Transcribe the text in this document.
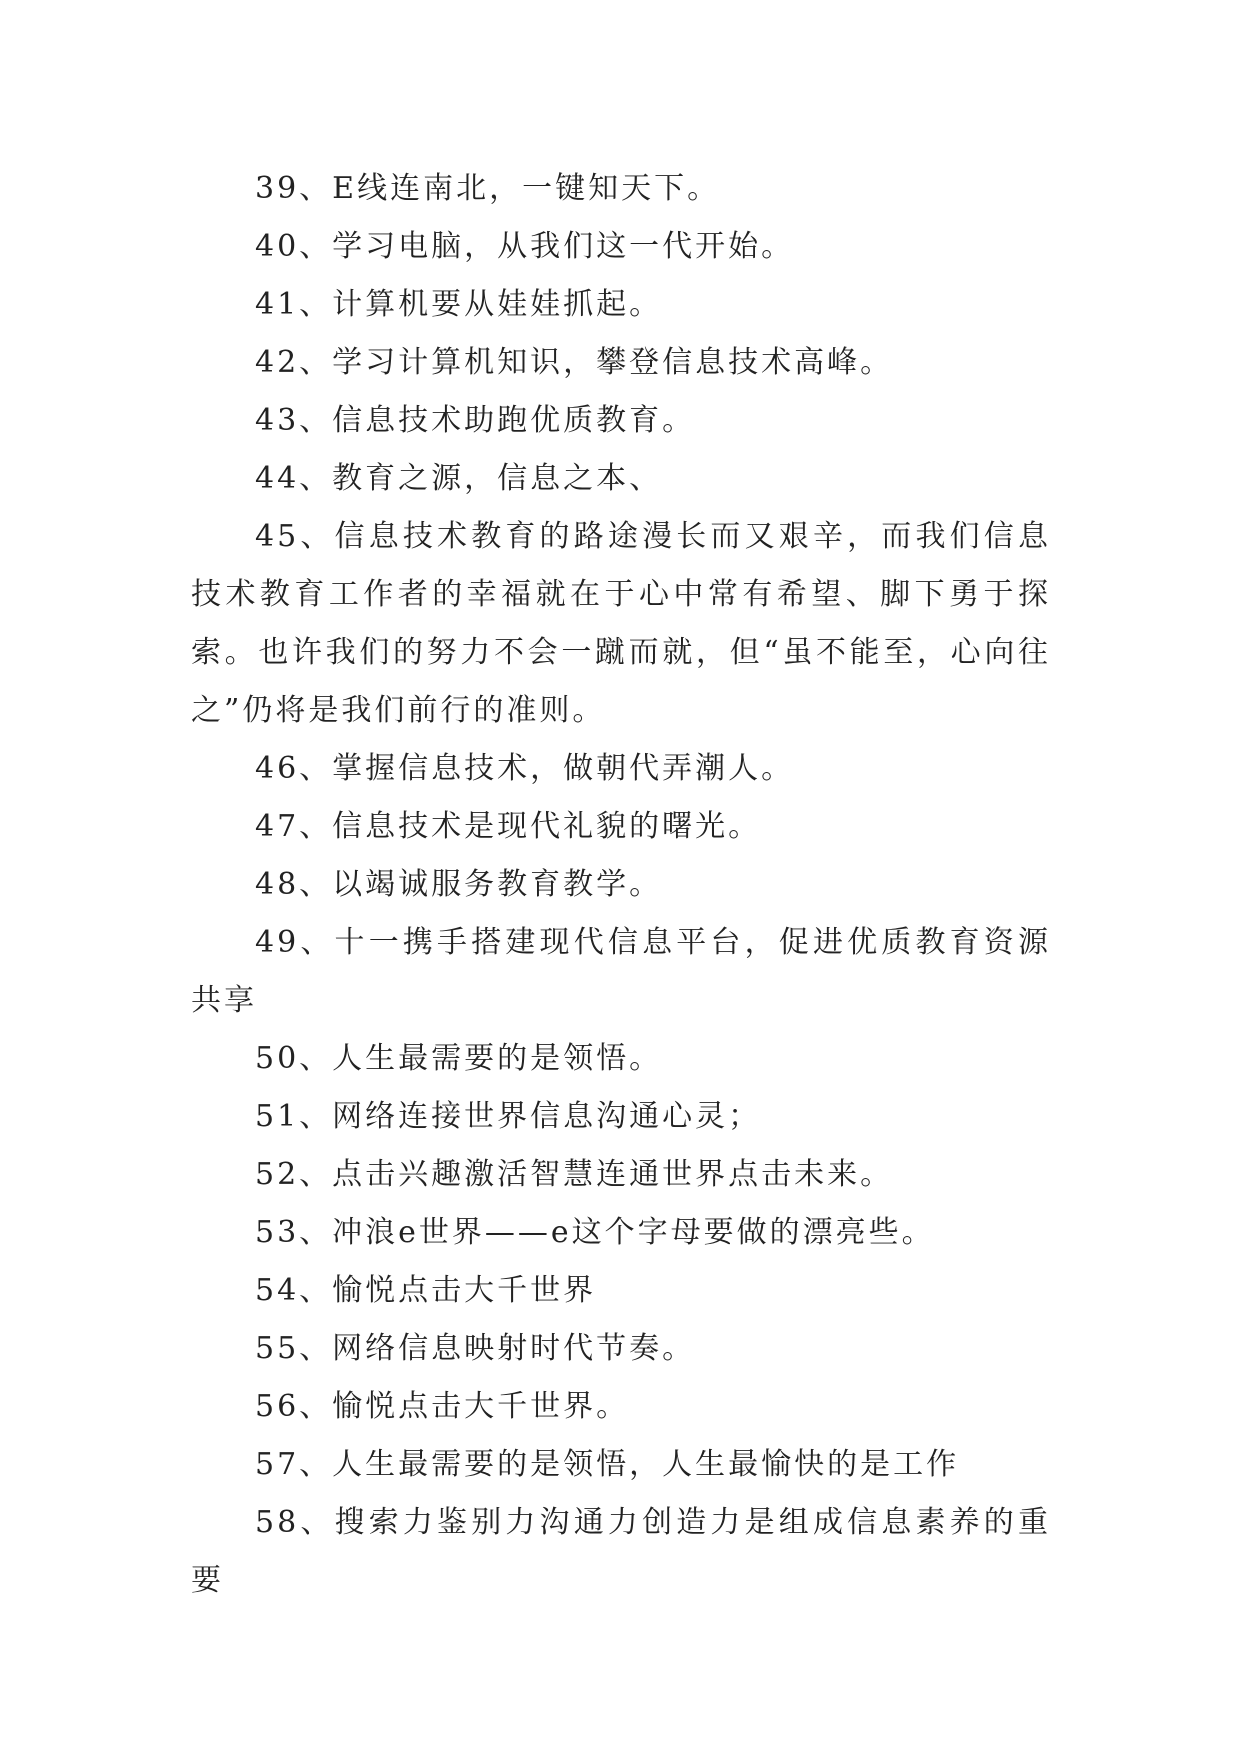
39、E线连南北，一键知天下。

40、学习电脑，从我们这一代开始。

41、计算机要从娃娃抓起。

42、学习计算机知识，攀登信息技术高峰。

43、信息技术助跑优质教育。

44、教育之源，信息之本、

45、信息技术教育的路途漫长而又艰辛，而我们信息技术教育工作者的幸福就在于心中常有希望、脚下勇于探索。也许我们的努力不会一蹴而就，但“虽不能至，心向往之”仍将是我们前行的准则。

46、掌握信息技术，做朝代弄潮人。

47、信息技术是现代礼貌的曙光。

48、以竭诚服务教育教学。

49、十一携手搭建现代信息平台，促进优质教育资源共享

50、人生最需要的是领悟。

51、网络连接世界信息沟通心灵；

52、点击兴趣激活智慧连通世界点击未来。

53、冲浪e世界——e这个字母要做的漂亮些。

54、愉悦点击大千世界

55、网络信息映射时代节奏。

56、愉悦点击大千世界。

57、人生最需要的是领悟，人生最愉快的是工作

58、搜索力鉴别力沟通力创造力是组成信息素养的重要
